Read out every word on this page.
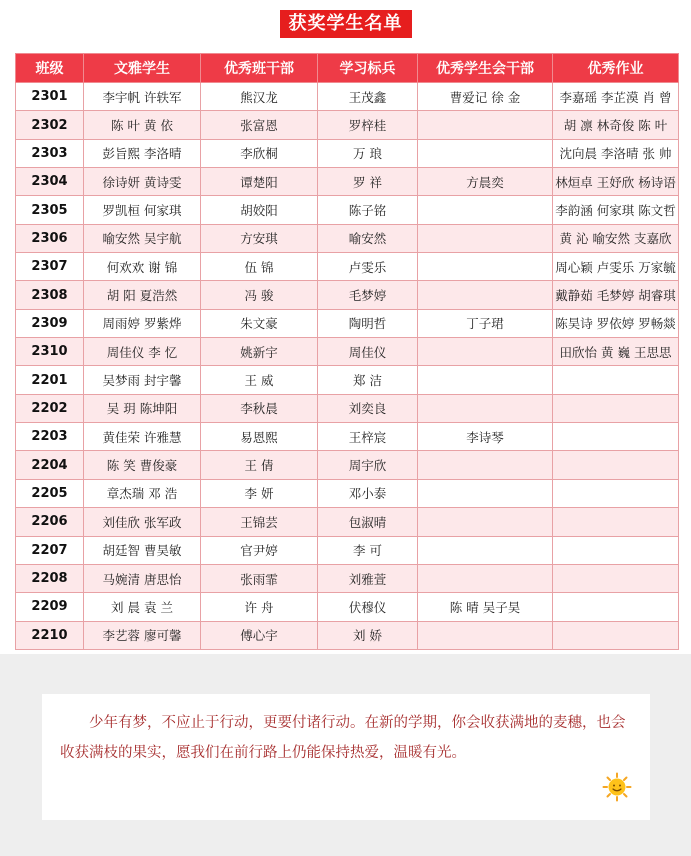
获奖学生名单
班级	文雅学生	优秀班干部	学习标兵	优秀学生会干部	优秀作业
2301	李宇帆 许轶军	熊汉龙	王茂鑫	曹爱记 徐 金	李嘉瑶 李芷漠 肖 曾
2302	陈 叶 黄 依	张富恩	罗梓桂		胡 凛 林奇俊 陈 叶
2303	彭旨熙 李洛晴	李欣桐	万 琅		沈向晨 李洛晴 张 帅
2304	徐诗妍 黄诗雯	谭楚阳	罗 祥	方晨奕	林烜卓 王妤欣 杨诗语
2305	罗凯桓 何家琪	胡姣阳	陈子铭		李韵涵 何家琪 陈文哲
2306	喻安然 吴宇航	方安琪	喻安然		黄 沁 喻安然 支嘉欣
2307	何欢欢 谢 锦	伍 锦	卢雯乐		周心颖 卢雯乐 万家毓
2308	胡 阳 夏浩然	冯 骏	毛梦婷		戴静茹 毛梦婷 胡睿琪
2309	周雨婷 罗紫烨	朱文豪	陶明哲	丁子珺	陈昊诗 罗依婷 罗畅燚
2310	周佳仪 李 忆	姚新宇	周佳仪		田欣怡 黄 巍 王思思
2201	吴梦雨 封宇馨	王 威	郑 洁		
2202	吴 玥 陈坤阳	李秋晨	刘奕良		
2203	黄佳荣 许雅慧	易恩熙	王梓宸	李诗琴	
2204	陈 笑 曹俊豪	王 倩	周宇欣		
2205	章杰瑞 邓 浩	李 妍	邓小泰		
2206	刘佳欣 张军政	王锦芸	包淑晴		
2207	胡廷智 曹昊敏	官尹婷	李 可		
2208	马婉清 唐思怡	张雨霏	刘雅萱		
2209	刘 晨 袁 兰	许 舟	伏穆仪	陈 晴 吴子昊	
2210	李艺蓉 廖可馨	傅心宇	刘 娇		

少年有梦，不应止于行动，更要付诸行动。在新的学期，你会收获满地的麦穗，也会收获满枝的果实，愿我们在前行路上仍能保持热爱，温暖有光。
